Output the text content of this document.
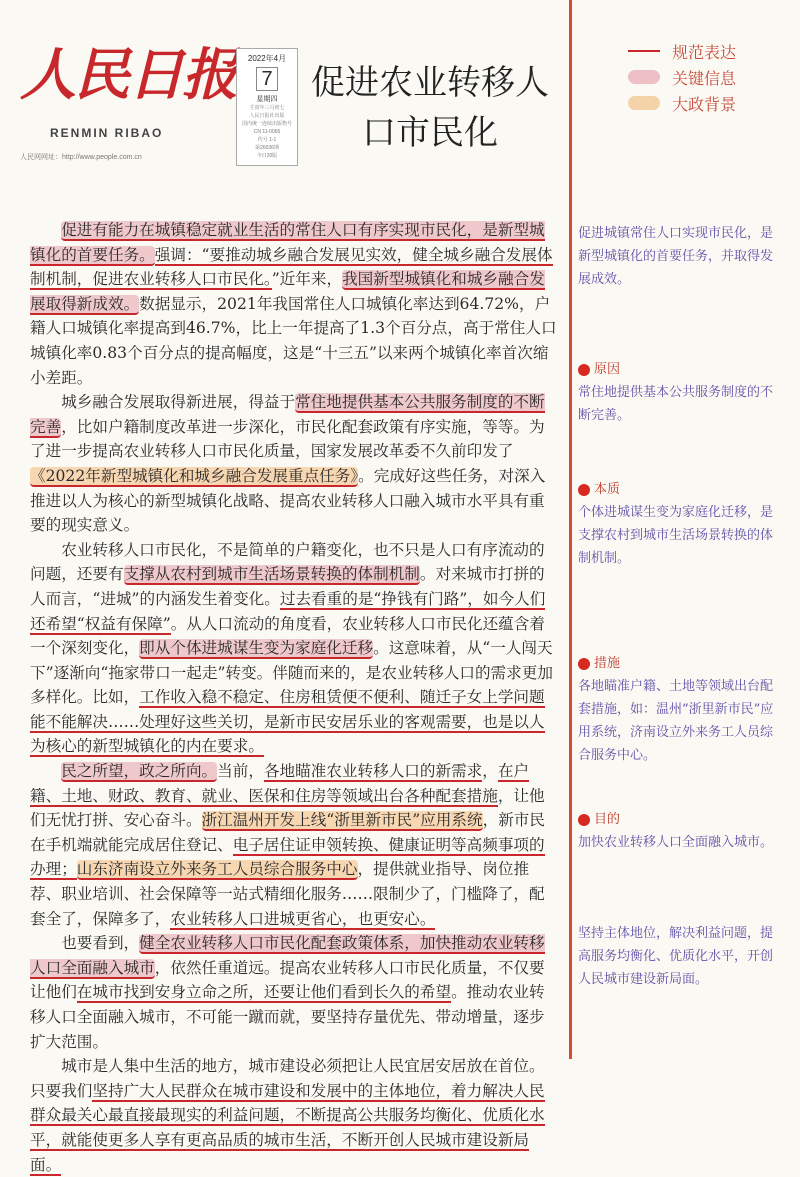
人民日报
RENMIN RIBAO
人民网网址：http://www.people.com.cn
2022年4月
7
星期四
壬寅年三月初七
人民日报社出版
国内统一连续出版物号
CN 11-0065
代号 1-1
第26036期
今日20版
促进农业转移人口市民化
规范表达
关键信息
大政背景

促进有能力在城镇稳定就业生活的常住人口有序实现市民化，是新型城镇化的首要任务。强调：“要推动城乡融合发展见实效，健全城乡融合发展体制机制，促进农业转移人口市民化。”近年来，我国新型城镇化和城乡融合发展取得新成效。数据显示，2021年我国常住人口城镇化率达到64.72%，户籍人口城镇化率提高到46.7%，比上一年提高了1.3个百分点，高于常住人口城镇化率0.83个百分点的提高幅度，这是“十三五”以来两个城镇化率首次缩小差距。

城乡融合发展取得新进展，得益于常住地提供基本公共服务制度的不断完善，比如户籍制度改革进一步深化，市民化配套政策有序实施，等等。为了进一步提高农业转移人口市民化质量，国家发展改革委不久前印发了《2022年新型城镇化和城乡融合发展重点任务》。完成好这些任务，对深入推进以人为核心的新型城镇化战略、提高农业转移人口融入城市水平具有重要的现实意义。

农业转移人口市民化，不是简单的户籍变化，也不只是人口有序流动的问题，还要有支撑从农村到城市生活场景转换的体制机制。对来城市打拼的人而言，“进城”的内涵发生着变化。过去看重的是“挣钱有门路”，如今人们还希望“权益有保障”。从人口流动的角度看，农业转移人口市民化还蕴含着一个深刻变化，即从个体进城谋生变为家庭化迁移。这意味着，从“一人闯天下”逐渐向“拖家带口一起走”转变。伴随而来的，是农业转移人口的需求更加多样化。比如，工作收入稳不稳定、住房租赁便不便利、随迁子女上学问题能不能解决……处理好这些关切，是新市民安居乐业的客观需要，也是以人为核心的新型城镇化的内在要求。

民之所望，政之所向。当前，各地瞄准农业转移人口的新需求，在户籍、土地、财政、教育、就业、医保和住房等领域出台各种配套措施，让他们无忧打拼、安心奋斗。浙江温州开发上线“浙里新市民”应用系统，新市民在手机端就能完成居住登记、电子居住证申领转换、健康证明等高频事项的办理；山东济南设立外来务工人员综合服务中心，提供就业指导、岗位推荐、职业培训、社会保障等一站式精细化服务……限制少了，门槛降了，配套全了，保障多了，农业转移人口进城更省心，也更安心。

也要看到，健全农业转移人口市民化配套政策体系，加快推动农业转移人口全面融入城市，依然任重道远。提高农业转移人口市民化质量，不仅要让他们在城市找到安身立命之所，还要让他们看到长久的希望。推动农业转移人口全面融入城市，不可能一蹴而就，要坚持存量优先、带动增量，逐步扩大范围。

城市是人集中生活的地方，城市建设必须把让人民宜居安居放在首位。只要我们坚持广大人民群众在城市建设和发展中的主体地位，着力解决人民群众最关心最直接最现实的利益问题，不断提高公共服务均衡化、优质化水平，就能使更多人享有更高品质的城市生活，不断开创人民城市建设新局面。

促进城镇常住人口实现市民化，是新型城镇化的首要任务，并取得发展成效。
原因
常住地提供基本公共服务制度的不断完善。
本质
个体进城谋生变为家庭化迁移，是支撑农村到城市生活场景转换的体制机制。
措施
各地瞄准户籍、土地等领域出台配套措施，如：温州“浙里新市民”应用系统，济南设立外来务工人员综合服务中心。
目的
加快农业转移人口全面融入城市。
坚持主体地位，解决利益问题，提高服务均衡化、优质化水平，开创人民城市建设新局面。
